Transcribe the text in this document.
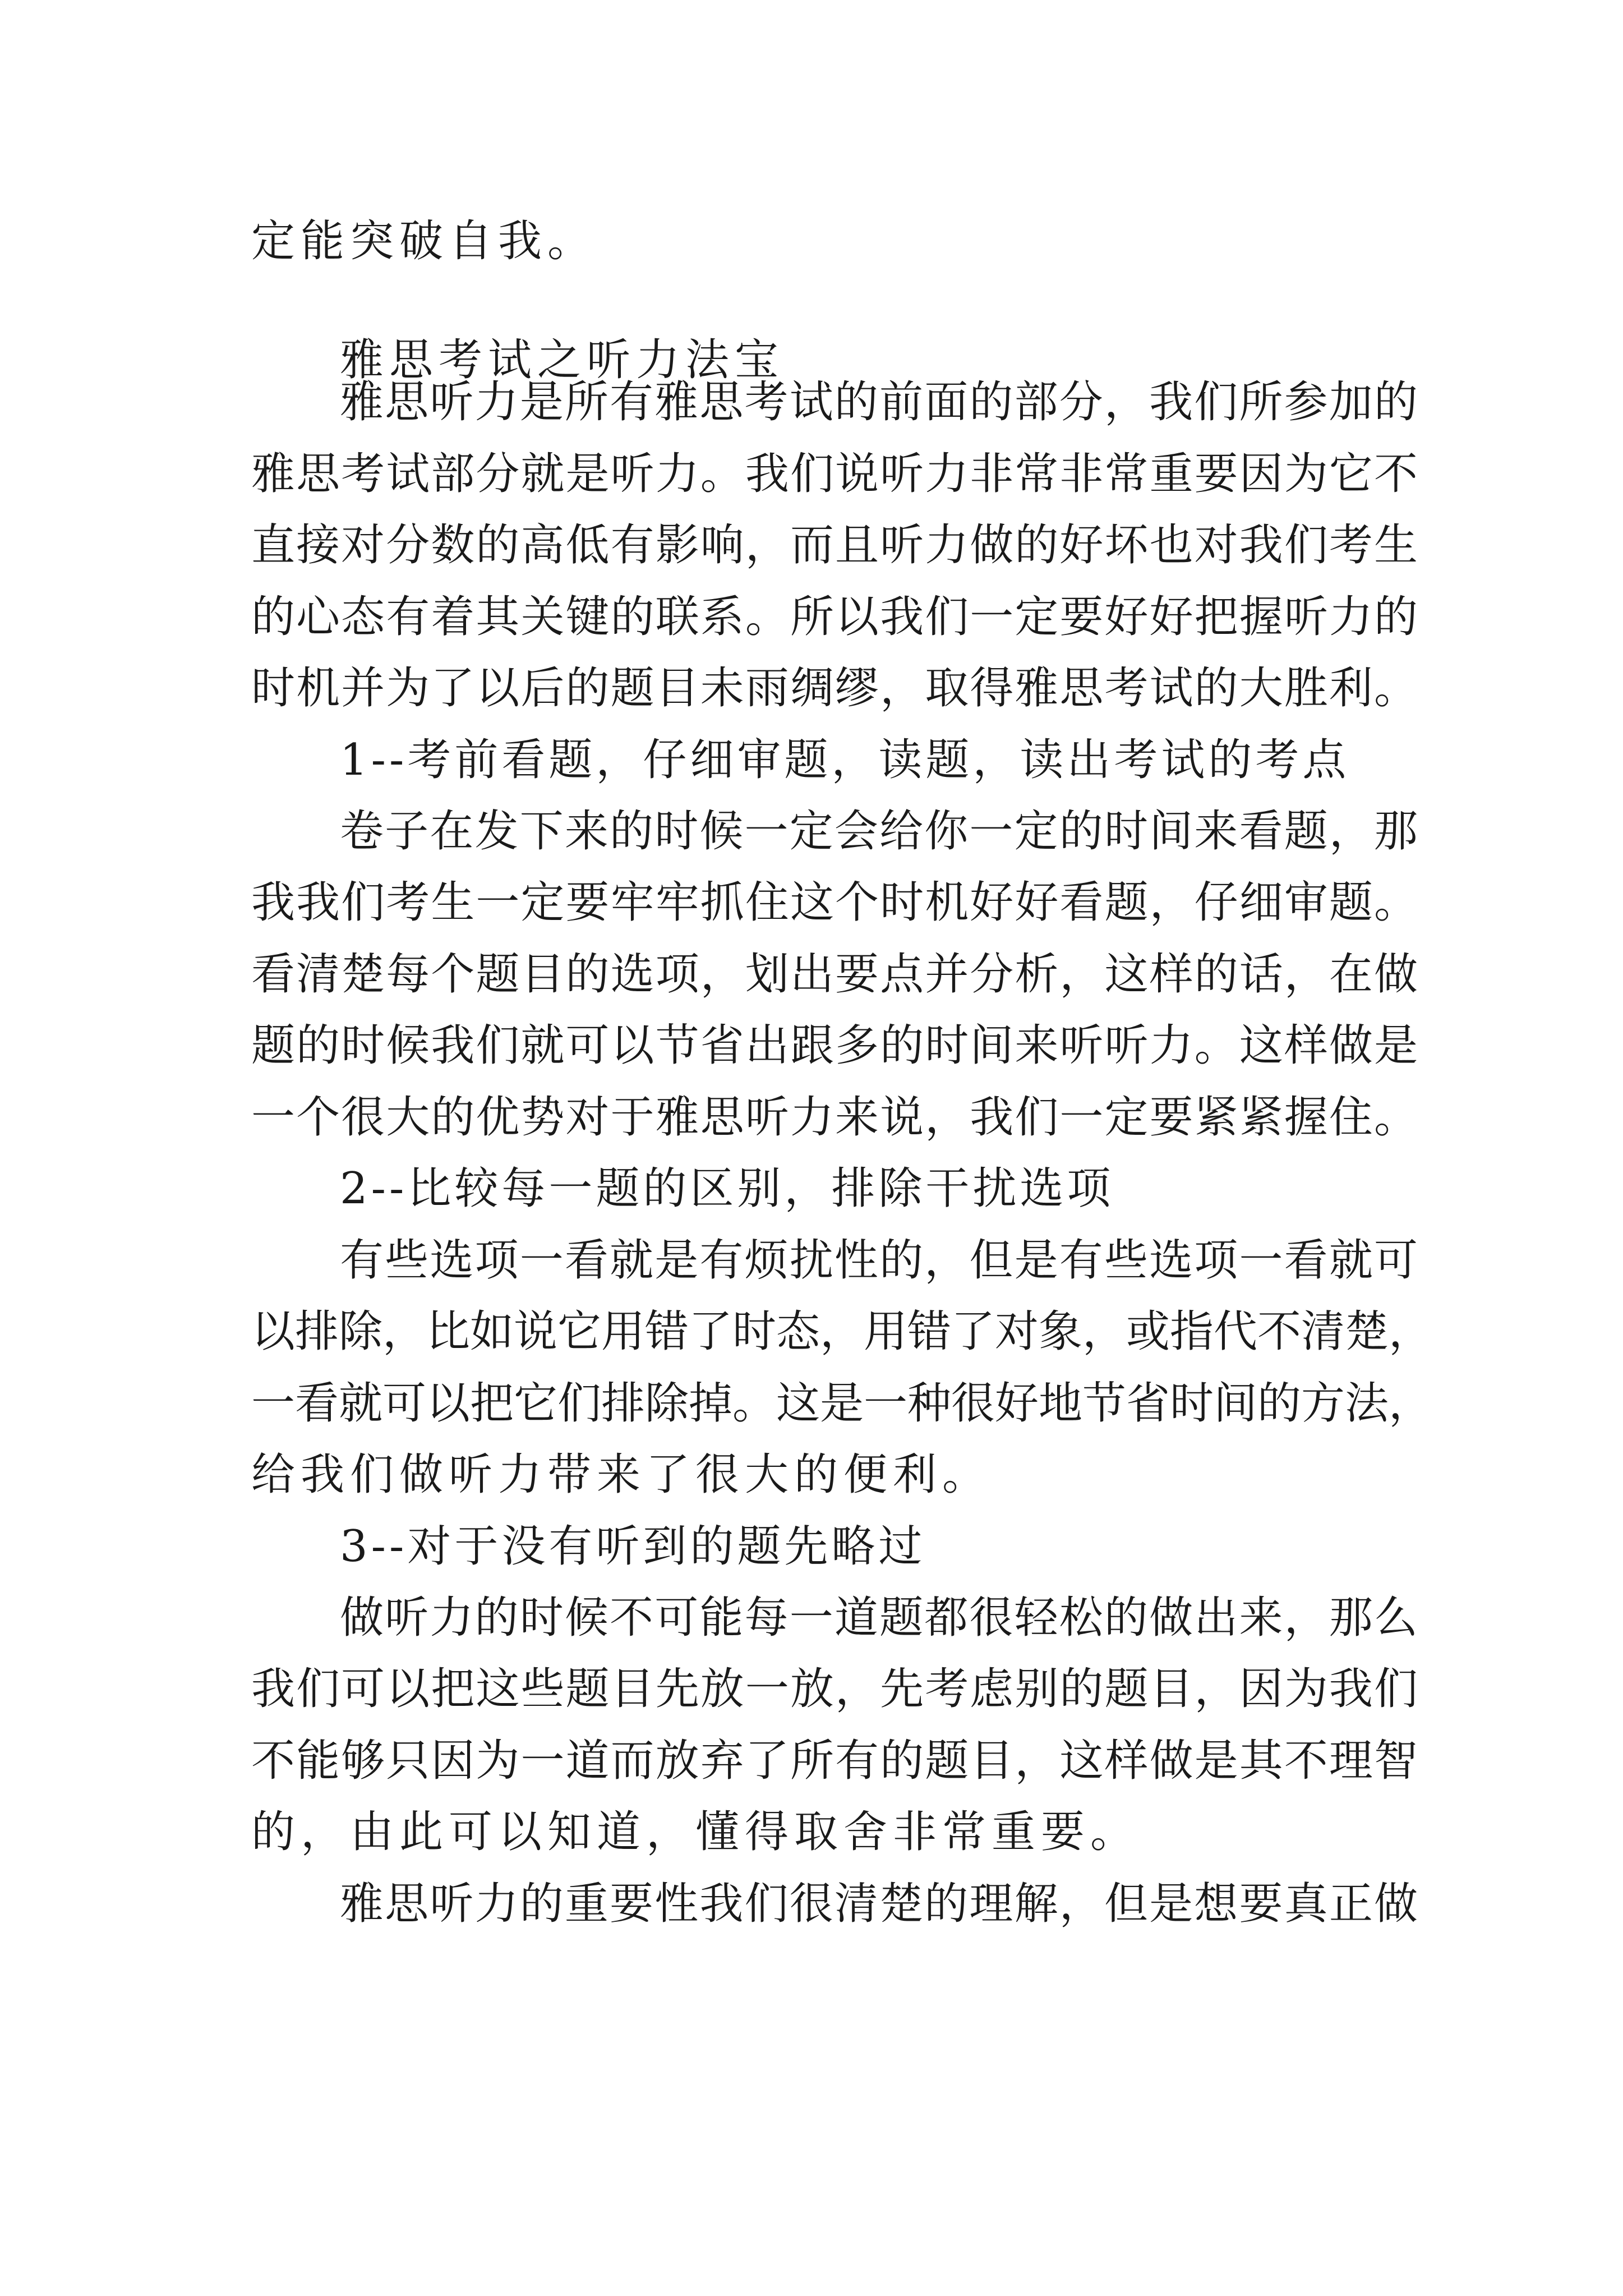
定能突破自我。
雅思考试之听力法宝
雅思听力是所有雅思考试的前面的部分，我们所参加的
雅思考试部分就是听力。我们说听力非常非常重要因为它不
直接对分数的高低有影响，而且听力做的好坏也对我们考生
的心态有着其关键的联系。所以我们一定要好好把握听力的
时机并为了以后的题目未雨绸缪，取得雅思考试的大胜利。
1--考前看题，仔细审题，读题，读出考试的考点
卷子在发下来的时候一定会给你一定的时间来看题，那
我我们考生一定要牢牢抓住这个时机好好看题，仔细审题。
看清楚每个题目的选项，划出要点并分析，这样的话，在做
题的时候我们就可以节省出跟多的时间来听听力。这样做是
一个很大的优势对于雅思听力来说，我们一定要紧紧握住。
2--比较每一题的区别，排除干扰选项
有些选项一看就是有烦扰性的，但是有些选项一看就可
以排除，比如说它用错了时态，用错了对象，或指代不清楚，
一看就可以把它们排除掉。这是一种很好地节省时间的方法，
给我们做听力带来了很大的便利。
3--对于没有听到的题先略过
做听力的时候不可能每一道题都很轻松的做出来，那么
我们可以把这些题目先放一放，先考虑别的题目，因为我们
不能够只因为一道而放弃了所有的题目，这样做是其不理智
的，由此可以知道，懂得取舍非常重要。
雅思听力的重要性我们很清楚的理解，但是想要真正做
